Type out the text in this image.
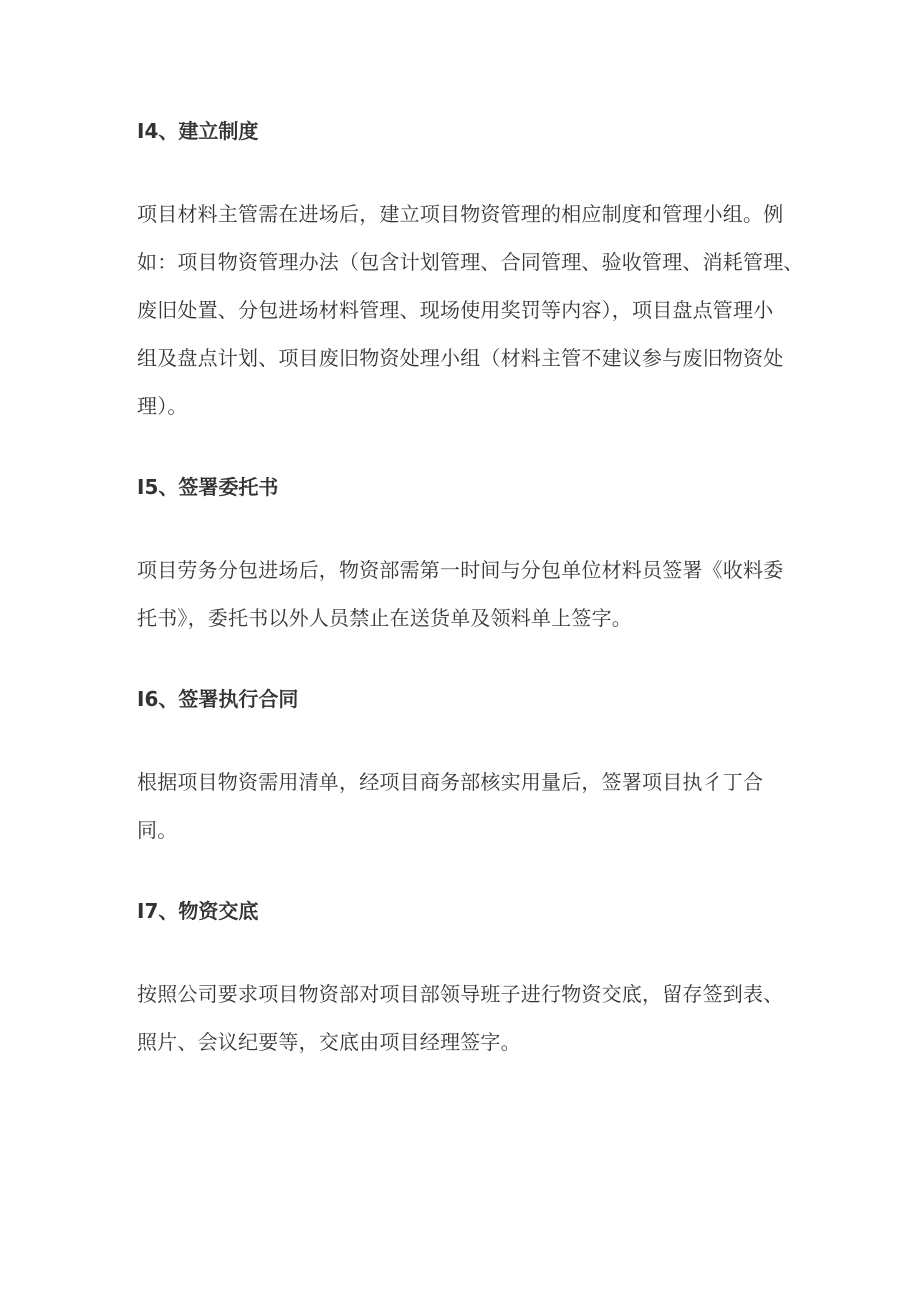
I4、建立制度
项目材料主管需在进场后，建立项目物资管理的相应制度和管理小组。例
如：项目物资管理办法（包含计划管理、合同管理、验收管理、消耗管理、
废旧处置、分包进场材料管理、现场使用奖罚等内容），项目盘点管理小
组及盘点计划、项目废旧物资处理小组（材料主管不建议参与废旧物资处
理）。
I5、签署委托书
项目劳务分包进场后，物资部需第一时间与分包单位材料员签署《收料委
托书》，委托书以外人员禁止在送货单及领料单上签字。
I6、签署执行合同
根据项目物资需用清单，经项目商务部核实用量后，签署项目执彳丁合
同。
I7、物资交底
按照公司要求项目物资部对项目部领导班子进行物资交底，留存签到表、
照片、会议纪要等，交底由项目经理签字。
